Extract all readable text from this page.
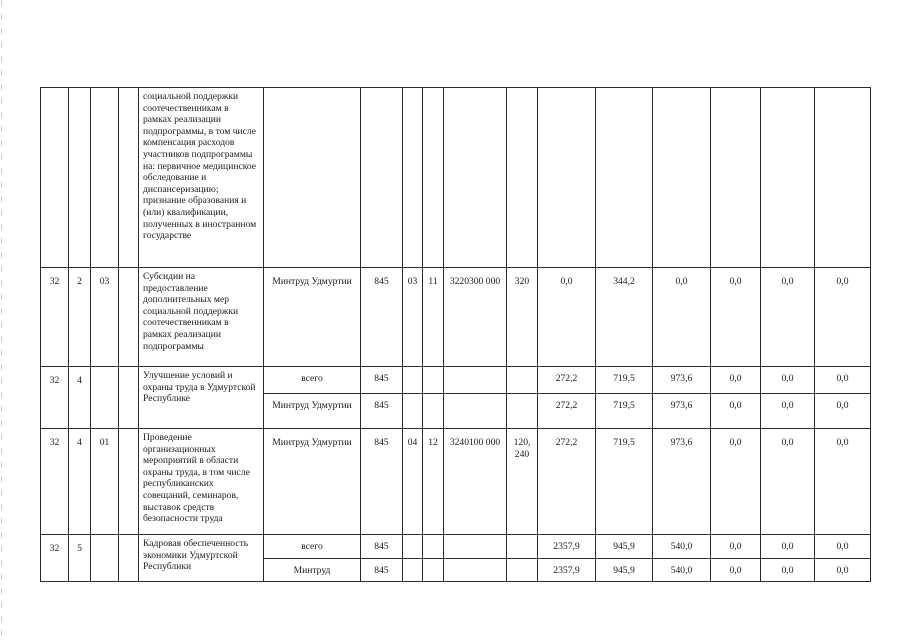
				социальной поддержки соотечественникам в рамках реализации подпрограммы, в том числе компенсация расходов участников подпрограммы на: первичное медицинское обследование и диспансеризацию; признание образования и (или) квалификации, полученных в иностранном государстве												
32	2	03		Субсидии на предоставление дополнительных мер социальной поддержки соотечественникам в рамках реализации подпрограммы	Минтруд Удмуртии	845	03	11	3220300 000	320	0,0	344,2	0,0	0,0	0,0	0,0
32	4			Улучшение условий и охраны труда в Удмуртской Республике	всего	845					272,2	719,5	973,6	0,0	0,0	0,0
					Минтруд Удмуртии	845					272,2	719,5	973,6	0,0	0,0	0,0
32	4	01		Проведение организационных мероприятий в области охраны труда, в том числе республиканских совещаний, семинаров, выставок средств безопасности труда	Минтруд Удмуртии	845	04	12	3240100 000	120, 240	272,2	719,5	973,6	0,0	0,0	0,0
32	5			Кадровая обеспеченность экономики Удмуртской Республики	всего	845					2357,9	945,9	540,0	0,0	0,0	0,0
					Минтруд	845					2357,9	945,9	540,0	0,0	0,0	0,0
